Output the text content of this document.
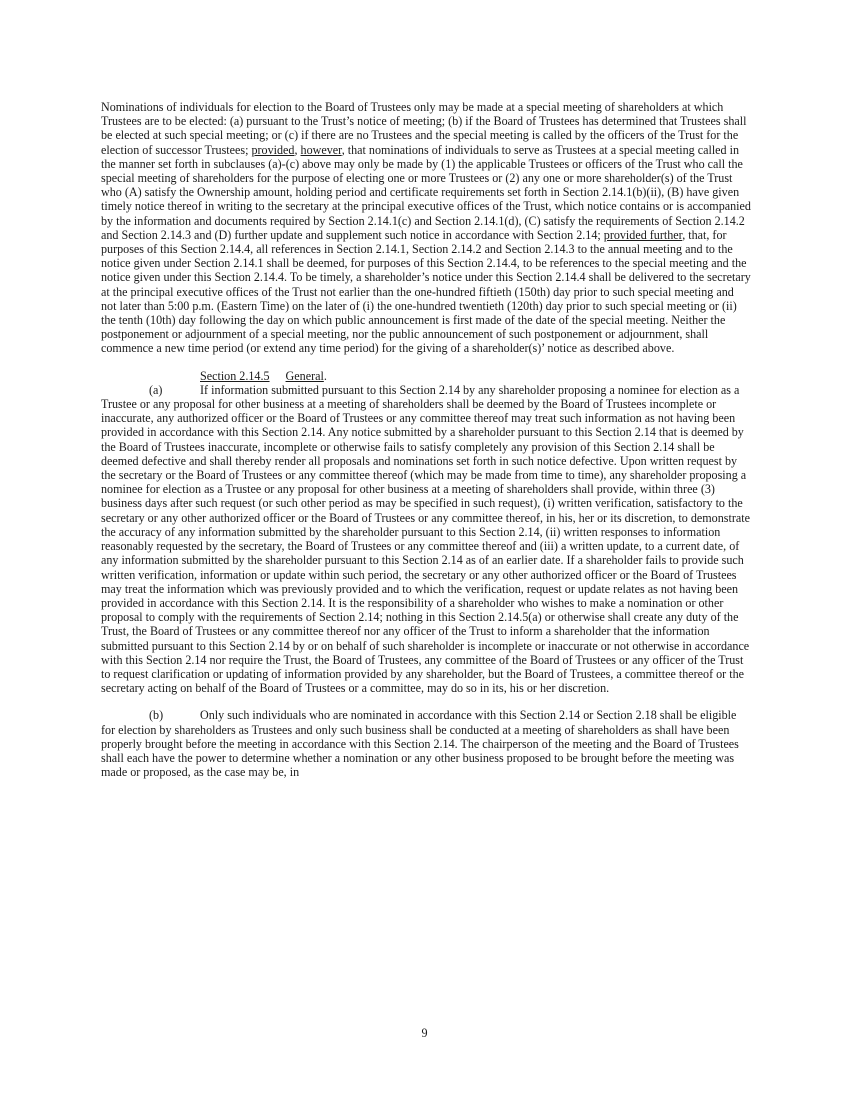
Nominations of individuals for election to the Board of Trustees only may be made at a special meeting of shareholders at which Trustees are to be elected: (a) pursuant to the Trust’s notice of meeting; (b) if the Board of Trustees has determined that Trustees shall be elected at such special meeting; or (c) if there are no Trustees and the special meeting is called by the officers of the Trust for the election of successor Trustees; provided, however, that nominations of individuals to serve as Trustees at a special meeting called in the manner set forth in subclauses (a)-(c) above may only be made by (1) the applicable Trustees or officers of the Trust who call the special meeting of shareholders for the purpose of electing one or more Trustees or (2) any one or more shareholder(s) of the Trust who (A) satisfy the Ownership amount, holding period and certificate requirements set forth in Section 2.14.1(b)(ii), (B) have given timely notice thereof in writing to the secretary at the principal executive offices of the Trust, which notice contains or is accompanied by the information and documents required by Section 2.14.1(c) and Section 2.14.1(d), (C) satisfy the requirements of Section 2.14.2 and Section 2.14.3 and (D) further update and supplement such notice in accordance with Section 2.14; provided further, that, for purposes of this Section 2.14.4, all references in Section 2.14.1, Section 2.14.2 and Section 2.14.3 to the annual meeting and to the notice given under Section 2.14.1 shall be deemed, for purposes of this Section 2.14.4, to be references to the special meeting and the notice given under this Section 2.14.4. To be timely, a shareholder’s notice under this Section 2.14.4 shall be delivered to the secretary at the principal executive offices of the Trust not earlier than the one-hundred fiftieth (150th) day prior to such special meeting and not later than 5:00 p.m. (Eastern Time) on the later of (i) the one-hundred twentieth (120th) day prior to such special meeting or (ii) the tenth (10th) day following the day on which public announcement is first made of the date of the special meeting. Neither the postponement or adjournment of a special meeting, nor the public announcement of such postponement or adjournment, shall commence a new time period (or extend any time period) for the giving of a shareholder(s)’ notice as described above.

Section 2.14.5 General.

(a)	If information submitted pursuant to this Section 2.14 by any shareholder proposing a nominee for election as a Trustee or any proposal for other business at a meeting of shareholders shall be deemed by the Board of Trustees incomplete or inaccurate, any authorized officer or the Board of Trustees or any committee thereof may treat such information as not having been provided in accordance with this Section 2.14. Any notice submitted by a shareholder pursuant to this Section 2.14 that is deemed by the Board of Trustees inaccurate, incomplete or otherwise fails to satisfy completely any provision of this Section 2.14 shall be deemed defective and shall thereby render all proposals and nominations set forth in such notice defective. Upon written request by the secretary or the Board of Trustees or any committee thereof (which may be made from time to time), any shareholder proposing a nominee for election as a Trustee or any proposal for other business at a meeting of shareholders shall provide, within three (3) business days after such request (or such other period as may be specified in such request), (i) written verification, satisfactory to the secretary or any other authorized officer or the Board of Trustees or any committee thereof, in his, her or its discretion, to demonstrate the accuracy of any information submitted by the shareholder pursuant to this Section 2.14, (ii) written responses to information reasonably requested by the secretary, the Board of Trustees or any committee thereof and (iii) a written update, to a current date, of any information submitted by the shareholder pursuant to this Section 2.14 as of an earlier date. If a shareholder fails to provide such written verification, information or update within such period, the secretary or any other authorized officer or the Board of Trustees may treat the information which was previously provided and to which the verification, request or update relates as not having been provided in accordance with this Section 2.14. It is the responsibility of a shareholder who wishes to make a nomination or other proposal to comply with the requirements of Section 2.14; nothing in this Section 2.14.5(a) or otherwise shall create any duty of the Trust, the Board of Trustees or any committee thereof nor any officer of the Trust to inform a shareholder that the information submitted pursuant to this Section 2.14 by or on behalf of such shareholder is incomplete or inaccurate or not otherwise in accordance with this Section 2.14 nor require the Trust, the Board of Trustees, any committee of the Board of Trustees or any officer of the Trust to request clarification or updating of information provided by any shareholder, but the Board of Trustees, a committee thereof or the secretary acting on behalf of the Board of Trustees or a committee, may do so in its, his or her discretion.

(b)	Only such individuals who are nominated in accordance with this Section 2.14 or Section 2.18 shall be eligible for election by shareholders as Trustees and only such business shall be conducted at a meeting of shareholders as shall have been properly brought before the meeting in accordance with this Section 2.14. The chairperson of the meeting and the Board of Trustees shall each have the power to determine whether a nomination or any other business proposed to be brought before the meeting was made or proposed, as the case may be, in

9
